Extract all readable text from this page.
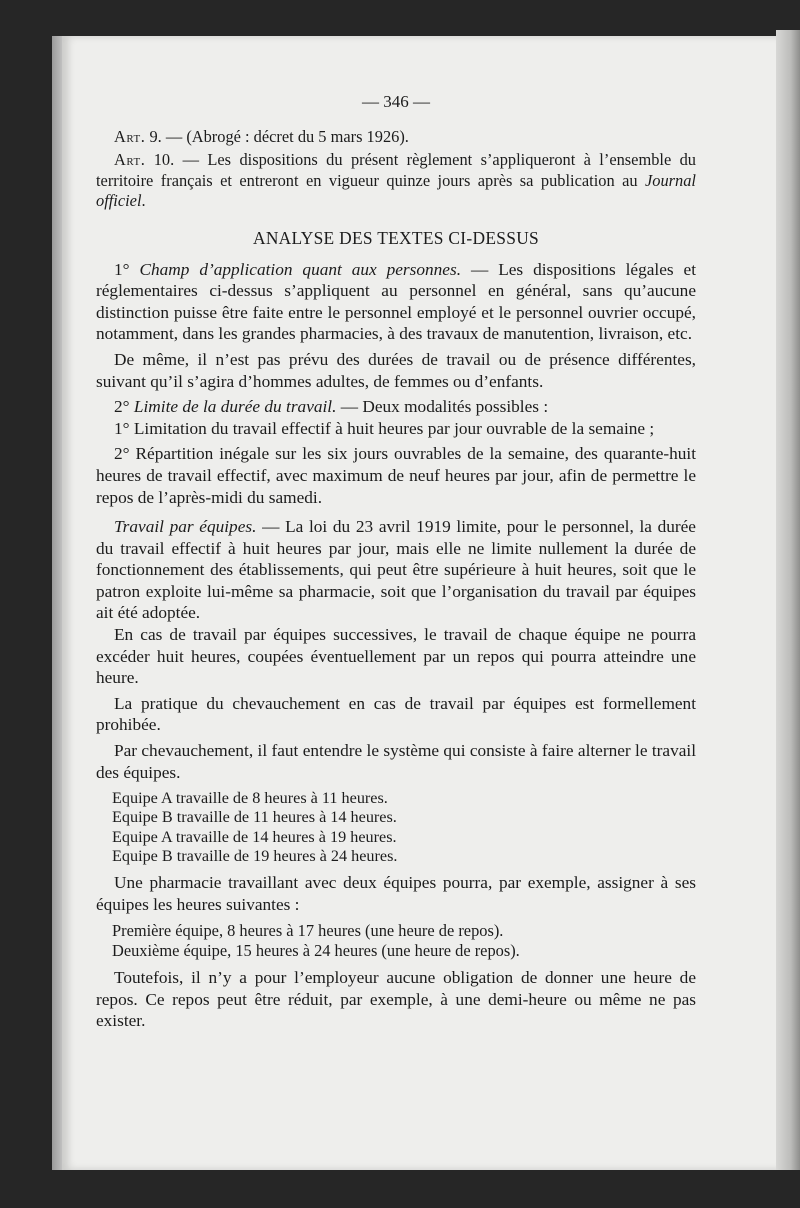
— 346 —

Art. 9. — (Abrogé : décret du 5 mars 1926).

Art. 10. — Les dispositions du présent règlement s’appliqueront à l’ensemble du territoire français et entreront en vigueur quinze jours après sa publication au Journal officiel.

ANALYSE DES TEXTES CI-DESSUS

1° Champ d’application quant aux personnes. — Les dispositions légales et réglementaires ci-dessus s’appliquent au personnel en général, sans qu’aucune distinction puisse être faite entre le personnel employé et le personnel ouvrier occupé, notamment, dans les grandes pharmacies, à des travaux de manutention, livraison, etc.

De même, il n’est pas prévu des durées de travail ou de présence différentes, suivant qu’il s’agira d’hommes adultes, de femmes ou d’enfants.

2° Limite de la durée du travail. — Deux modalités possibles :

1° Limitation du travail effectif à huit heures par jour ouvrable de la semaine ;

2° Répartition inégale sur les six jours ouvrables de la semaine, des quarante-huit heures de travail effectif, avec maximum de neuf heures par jour, afin de permettre le repos de l’après-midi du samedi.

Travail par équipes. — La loi du 23 avril 1919 limite, pour le personnel, la durée du travail effectif à huit heures par jour, mais elle ne limite nullement la durée de fonctionnement des établissements, qui peut être supérieure à huit heures, soit que le patron exploite lui-même sa pharmacie, soit que l’organisation du travail par équipes ait été adoptée.

En cas de travail par équipes successives, le travail de chaque équipe ne pourra excéder huit heures, coupées éventuellement par un repos qui pourra atteindre une heure.

La pratique du chevauchement en cas de travail par équipes est formellement prohibée.

Par chevauchement, il faut entendre le système qui consiste à faire alterner le travail des équipes.

Equipe A travaille de 8 heures à 11 heures.
Equipe B travaille de 11 heures à 14 heures.
Equipe A travaille de 14 heures à 19 heures.
Equipe B travaille de 19 heures à 24 heures.

Une pharmacie travaillant avec deux équipes pourra, par exemple, assigner à ses équipes les heures suivantes :

Première équipe, 8 heures à 17 heures (une heure de repos).
Deuxième équipe, 15 heures à 24 heures (une heure de repos).

Toutefois, il n’y a pour l’employeur aucune obligation de donner une heure de repos. Ce repos peut être réduit, par exemple, à une demi-heure ou même ne pas exister.
